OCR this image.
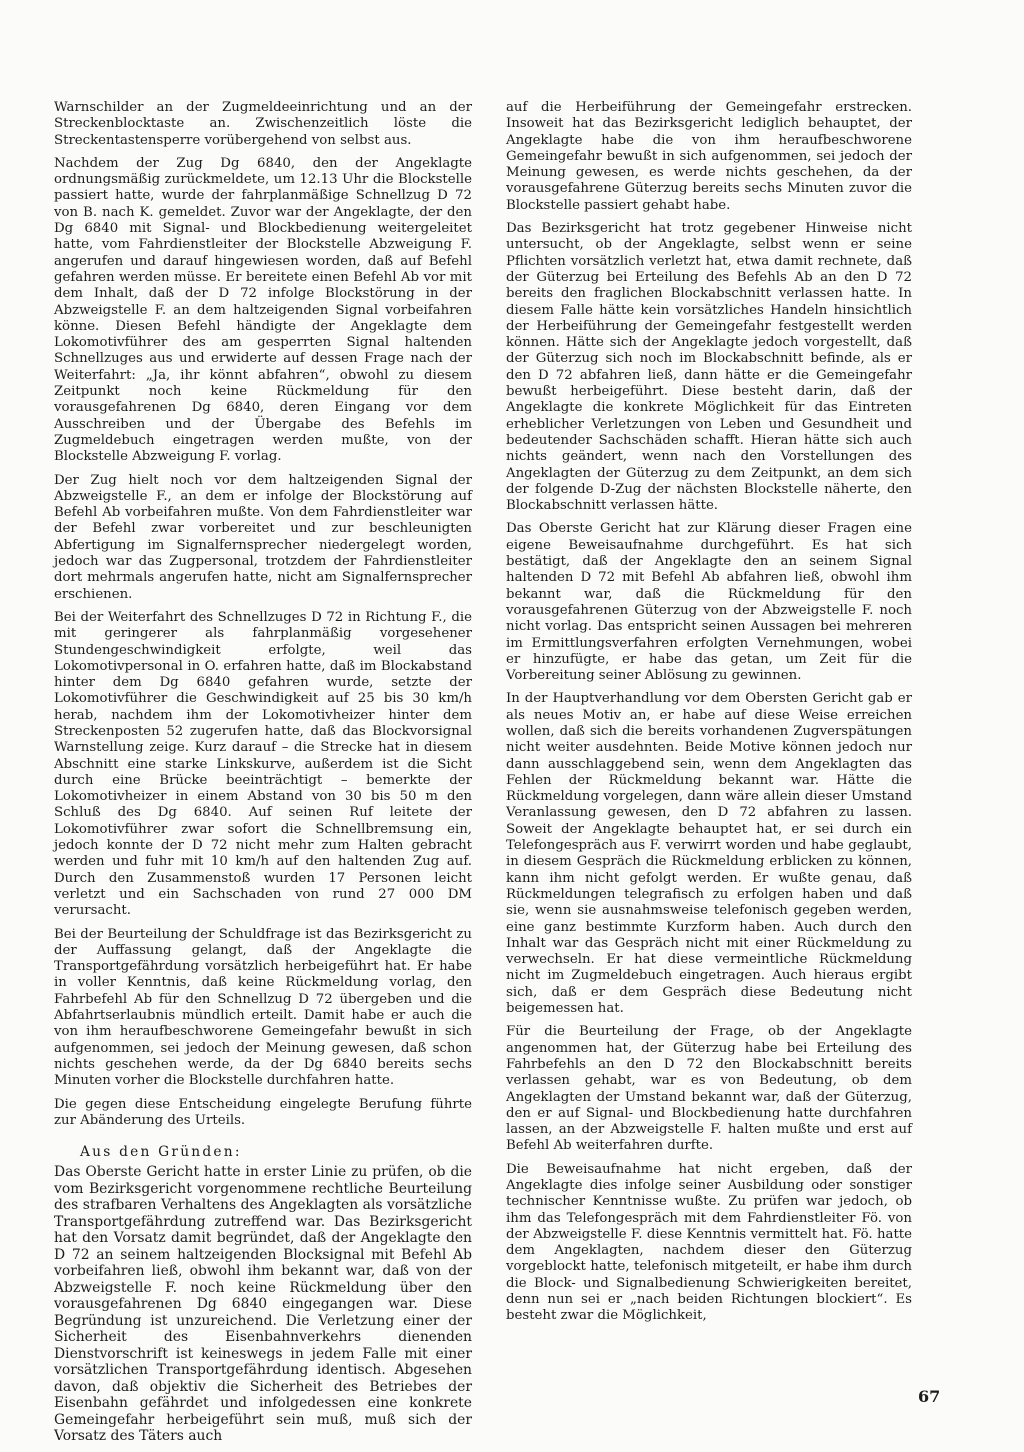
Warnschilder an der Zugmeldeeinrichtung und an der Streckenblocktaste an. Zwischenzeitlich löste die Streckentastensperre vorübergehend von selbst aus.

Nachdem der Zug Dg 6840, den der Angeklagte ordnungsmäßig zurückmeldete, um 12.13 Uhr die Blockstelle passiert hatte, wurde der fahrplanmäßige Schnellzug D 72 von B. nach K. gemeldet. Zuvor war der Angeklagte, der den Dg 6840 mit Signal- und Blockbedienung weitergeleitet hatte, vom Fahrdienstleiter der Blockstelle Abzweigung F. angerufen und darauf hingewiesen worden, daß auf Befehl gefahren werden müsse. Er bereitete einen Befehl Ab vor mit dem Inhalt, daß der D 72 infolge Blockstörung in der Abzweigstelle F. an dem haltzeigenden Signal vorbeifahren könne. Diesen Befehl händigte der Angeklagte dem Lokomotivführer des am gesperrten Signal haltenden Schnellzuges aus und erwiderte auf dessen Frage nach der Weiterfahrt: „Ja, ihr könnt abfahren“, obwohl zu diesem Zeitpunkt noch keine Rückmeldung für den vorausgefahrenen Dg 6840, deren Eingang vor dem Ausschreiben und der Übergabe des Befehls im Zugmeldebuch eingetragen werden mußte, von der Blockstelle Abzweigung F. vorlag.

Der Zug hielt noch vor dem haltzeigenden Signal der Abzweigstelle F., an dem er infolge der Blockstörung auf Befehl Ab vorbeifahren mußte. Von dem Fahrdienstleiter war der Befehl zwar vorbereitet und zur beschleunigten Abfertigung im Signalfernsprecher niedergelegt worden, jedoch war das Zugpersonal, trotzdem der Fahrdienstleiter dort mehrmals angerufen hatte, nicht am Signalfernsprecher erschienen.

Bei der Weiterfahrt des Schnellzuges D 72 in Richtung F., die mit geringerer als fahrplanmäßig vorgesehener Stundengeschwindigkeit erfolgte, weil das Lokomotivpersonal in O. erfahren hatte, daß im Blockabstand hinter dem Dg 6840 gefahren wurde, setzte der Lokomotivführer die Geschwindigkeit auf 25 bis 30 km/h herab, nachdem ihm der Lokomotivheizer hinter dem Streckenposten 52 zugerufen hatte, daß das Blockvorsignal Warnstellung zeige. Kurz darauf – die Strecke hat in diesem Abschnitt eine starke Linkskurve, außerdem ist die Sicht durch eine Brücke beeinträchtigt – bemerkte der Lokomotivheizer in einem Abstand von 30 bis 50 m den Schluß des Dg 6840. Auf seinen Ruf leitete der Lokomotivführer zwar sofort die Schnellbremsung ein, jedoch konnte der D 72 nicht mehr zum Halten gebracht werden und fuhr mit 10 km/h auf den haltenden Zug auf. Durch den Zusammenstoß wurden 17 Personen leicht verletzt und ein Sachschaden von rund 27 000 DM verursacht.

Bei der Beurteilung der Schuldfrage ist das Bezirksgericht zu der Auffassung gelangt, daß der Angeklagte die Transportgefährdung vorsätzlich herbeigeführt hat. Er habe in voller Kenntnis, daß keine Rückmeldung vorlag, den Fahrbefehl Ab für den Schnellzug D 72 übergeben und die Abfahrtserlaubnis mündlich erteilt. Damit habe er auch die von ihm heraufbeschworene Gemeingefahr bewußt in sich aufgenommen, sei jedoch der Meinung gewesen, daß schon nichts geschehen werde, da der Dg 6840 bereits sechs Minuten vorher die Blockstelle durchfahren hatte.

Die gegen diese Entscheidung eingelegte Berufung führte zur Abänderung des Urteils.

Aus den Gründen:

Das Oberste Gericht hatte in erster Linie zu prüfen, ob die vom Bezirksgericht vorgenommene rechtliche Beurteilung des strafbaren Verhaltens des Angeklagten als vorsätzliche Transportgefährdung zutreffend war. Das Bezirksgericht hat den Vorsatz damit begründet, daß der Angeklagte den D 72 an seinem haltzeigenden Blocksignal mit Befehl Ab vorbeifahren ließ, obwohl ihm bekannt war, daß von der Abzweigstelle F. noch keine Rückmeldung über den vorausgefahrenen Dg 6840 eingegangen war. Diese Begründung ist unzureichend. Die Verletzung einer der Sicherheit des Eisenbahnverkehrs dienenden Dienstvorschrift ist keineswegs in jedem Falle mit einer vorsätzlichen Transportgefährdung identisch. Abgesehen davon, daß objektiv die Sicherheit des Betriebes der Eisenbahn gefährdet und infolgedessen eine konkrete Gemeingefahr herbeigeführt sein muß, muß sich der Vorsatz des Täters auch

auf die Herbeiführung der Gemeingefahr erstrecken. Insoweit hat das Bezirksgericht lediglich behauptet, der Angeklagte habe die von ihm heraufbeschworene Gemeingefahr bewußt in sich aufgenommen, sei jedoch der Meinung gewesen, es werde nichts geschehen, da der vorausgefahrene Güterzug bereits sechs Minuten zuvor die Blockstelle passiert gehabt habe.

Das Bezirksgericht hat trotz gegebener Hinweise nicht untersucht, ob der Angeklagte, selbst wenn er seine Pflichten vorsätzlich verletzt hat, etwa damit rechnete, daß der Güterzug bei Erteilung des Befehls Ab an den D 72 bereits den fraglichen Blockabschnitt verlassen hatte. In diesem Falle hätte kein vorsätzliches Handeln hinsichtlich der Herbeiführung der Gemeingefahr festgestellt werden können. Hätte sich der Angeklagte jedoch vorgestellt, daß der Güterzug sich noch im Blockabschnitt befinde, als er den D 72 abfahren ließ, dann hätte er die Gemeingefahr bewußt herbeigeführt. Diese besteht darin, daß der Angeklagte die konkrete Möglichkeit für das Eintreten erheblicher Verletzungen von Leben und Gesundheit und bedeutender Sachschäden schafft. Hieran hätte sich auch nichts geändert, wenn nach den Vorstellungen des Angeklagten der Güterzug zu dem Zeitpunkt, an dem sich der folgende D-Zug der nächsten Blockstelle näherte, den Blockabschnitt verlassen hätte.

Das Oberste Gericht hat zur Klärung dieser Fragen eine eigene Beweisaufnahme durchgeführt. Es hat sich bestätigt, daß der Angeklagte den an seinem Signal haltenden D 72 mit Befehl Ab abfahren ließ, obwohl ihm bekannt war, daß die Rückmeldung für den vorausgefahrenen Güterzug von der Abzweigstelle F. noch nicht vorlag. Das entspricht seinen Aussagen bei mehreren im Ermittlungsverfahren erfolgten Vernehmungen, wobei er hinzufügte, er habe das getan, um Zeit für die Vorbereitung seiner Ablösung zu gewinnen.

In der Hauptverhandlung vor dem Obersten Gericht gab er als neues Motiv an, er habe auf diese Weise erreichen wollen, daß sich die bereits vorhandenen Zugverspätungen nicht weiter ausdehnten. Beide Motive können jedoch nur dann ausschlaggebend sein, wenn dem Angeklagten das Fehlen der Rückmeldung bekannt war. Hätte die Rückmeldung vorgelegen, dann wäre allein dieser Umstand Veranlassung gewesen, den D 72 abfahren zu lassen. Soweit der Angeklagte behauptet hat, er sei durch ein Telefongespräch aus F. verwirrt worden und habe geglaubt, in diesem Gespräch die Rückmeldung erblicken zu können, kann ihm nicht gefolgt werden. Er wußte genau, daß Rückmeldungen telegrafisch zu erfolgen haben und daß sie, wenn sie ausnahmsweise telefonisch gegeben werden, eine ganz bestimmte Kurzform haben. Auch durch den Inhalt war das Gespräch nicht mit einer Rückmeldung zu verwechseln. Er hat diese vermeintliche Rückmeldung nicht im Zugmeldebuch eingetragen. Auch hieraus ergibt sich, daß er dem Gespräch diese Bedeutung nicht beigemessen hat.

Für die Beurteilung der Frage, ob der Angeklagte angenommen hat, der Güterzug habe bei Erteilung des Fahrbefehls an den D 72 den Blockabschnitt bereits verlassen gehabt, war es von Bedeutung, ob dem Angeklagten der Umstand bekannt war, daß der Güterzug, den er auf Signal- und Blockbedienung hatte durchfahren lassen, an der Abzweigstelle F. halten mußte und erst auf Befehl Ab weiterfahren durfte.

Die Beweisaufnahme hat nicht ergeben, daß der Angeklagte dies infolge seiner Ausbildung oder sonstiger technischer Kenntnisse wußte. Zu prüfen war jedoch, ob ihm das Telefongespräch mit dem Fahrdienstleiter Fö. von der Abzweigstelle F. diese Kenntnis vermittelt hat. Fö. hatte dem Angeklagten, nachdem dieser den Güterzug vorgeblockt hatte, telefonisch mitgeteilt, er habe ihm durch die Block- und Signalbedienung Schwierigkeiten bereitet, denn nun sei er „nach beiden Richtungen blockiert“. Es besteht zwar die Möglichkeit,

67
